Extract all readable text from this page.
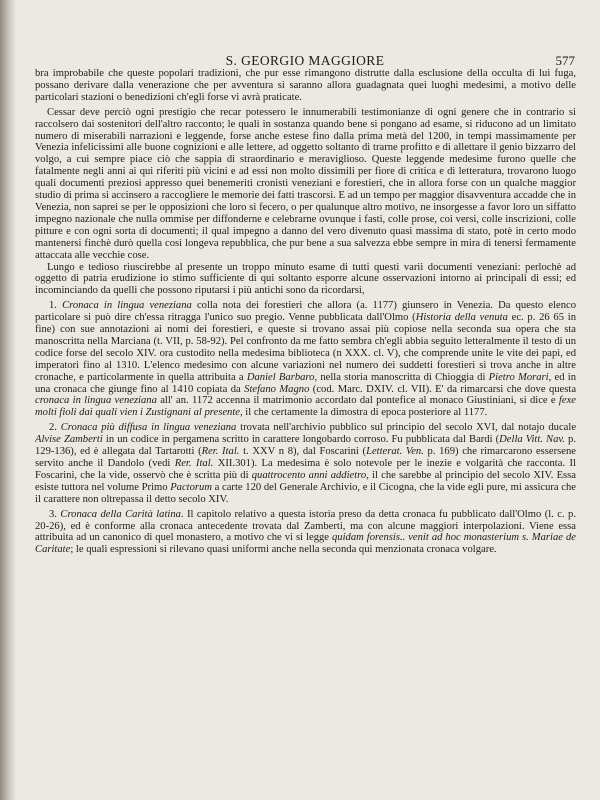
S. GEORGIO MAGGIORE	577

bra improbabile che queste popolari tradizioni, che pur esse rimangono distrutte dalla esclusione della occulta di lui fuga, possano derivare dalla venerazione che per avventura si saranno allora guadagnata quei luoghi medesimi, a motivo delle particolari stazioni o benedizioni ch'egli forse vi avrà praticate.

Cessar deve perciò ogni prestigio che recar potessero le innumerabili testimonianze di ogni genere che in contrario si raccolsero dai sostenitori dell'altro racconto; le quali in sostanza quando bene si pongano ad esame, si riducono ad un limitato numero di miserabili narrazioni e leggende, forse anche estese fino dalla prima metà del 1200, in tempi massimamente per Venezia infelicissimi alle buone cognizioni e alle lettere, ad oggetto soltanto di trarne profitto e di allettare il genio bizzarro del volgo, a cui sempre piace ciò che sappia di straordinario e meraviglioso. Queste leggende medesime furono quelle che fatalmente negli anni ai qui riferiti più vicini e ad essi non molto dissimili per fiore di critica e di letteratura, trovarono luogo quali documenti preziosi appresso quei benemeriti cronisti veneziani e forestieri, che in allora forse con un qualche maggior studio di prima si accinsero a raccogliere le memorie dei fatti trascorsi. E ad un tempo per maggior disavventura accadde che in Venezia, non saprei se per le opposizioni che loro si fecero, o per qualunque altro motivo, ne insorgesse a favor loro un siffatto impegno nazionale che nulla ommise per diffonderne e celebrarne ovunque i fasti, colle prose, coi versi, colle inscrizioni, colle pitture e con ogni sorta di documenti; il qual impegno a danno del vero divenuto quasi massima di stato, potè in certo modo mantenersi finchè durò quella così longeva repubblica, che pur bene a sua salvezza ebbe sempre in mira di tenersi fermamente attaccata alle vecchie cose.

Lungo e tedioso riuscirebbe al presente un troppo minuto esame di tutti questi varii documenti veneziani: perlochè ad oggetto di patria erudizione io stimo sufficiente di qui soltanto esporre alcune osservazioni intorno ai principali di essi; ed incominciando da quelli che possono riputarsi i più antichi sono da ricordarsi,

1. Cronaca in lingua veneziana colla nota dei forestieri che allora (a. 1177) giunsero in Venezia. Da questo elenco particolare si può dire ch'essa ritragga l'unico suo pregio. Venne pubblicata dall'Olmo (Historia della venuta ec. p. 26 65 in fine) con sue annotazioni ai nomi dei forestieri, e queste si trovano assai più copiose nella seconda sua opera che sta manoscritta nella Marciana (t. VII, p. 58-92). Pel confronto da me fatto sembra ch'egli abbia seguito letteralmente il testo di un codice forse del secolo XIV. ora custodito nella medesima biblioteca (n XXX. cl. V), che comprende unite le vite dei papi, ed imperatori fino al 1310. L'elenco medesimo con alcune variazioni nel numero dei suddetti forestieri si trova anche in altre cronache, e particolarmente in quella attribuita a Daniel Barbaro, nella storia manoscritta di Chioggia di Pietro Morari, ed in una cronaca che giunge fino al 1410 copiata da Stefano Magno (cod. Marc. DXIV. cl. VII). E' da rimarcarsi che dove questa cronaca in lingua veneziana all' an. 1172 accenna il matrimonio accordato dal pontefice al monaco Giustiniani, si dice e fexe molti fioli dai quali vien i Zustignani al presente, il che certamente la dimostra di epoca posteriore al 1177.

2. Cronaca più diffusa in lingua veneziana trovata nell'archivio pubblico sul principio del secolo XVI, dal notajo ducale Alvise Zamberti in un codice in pergamena scritto in carattere longobardo corroso. Fu pubblicata dal Bardi (Della Vitt. Nav. p. 129-136), ed è allegata dal Tartarotti (Rer. Ital. t. XXV n 8), dal Foscarini (Letterat. Ven. p. 169) che rimarcarono essersene servito anche il Dandolo (vedi Rer. Ital. XII.301). La medesima è solo notevole per le inezie e volgarità che racconta. Il Foscarini, che la vide, osservò che è scritta più di quattrocento anni addietro, il che sarebbe al principio del secolo XIV. Essa esiste tuttora nel volume Primo Pactorum a carte 120 del Generale Archivio, e il Cicogna, che la vide egli pure, mi assicura che il carattere non oltrepassa il detto secolo XIV.

3. Cronaca della Carità latina. Il capitolo relativo a questa istoria preso da detta cronaca fu pubblicato dall'Olmo (l. c. p. 20-26), ed è conforme alla cronaca antecedente trovata dal Zamberti, ma con alcune maggiori interpolazioni. Viene essa attribuita ad un canonico di quel monastero, a motivo che vi si legge quidam forensis.. venit ad hoc monasterium s. Mariae de Caritate; le quali espressioni si rilevano quasi uniformi anche nella seconda qui menzionata cronaca volgare.
